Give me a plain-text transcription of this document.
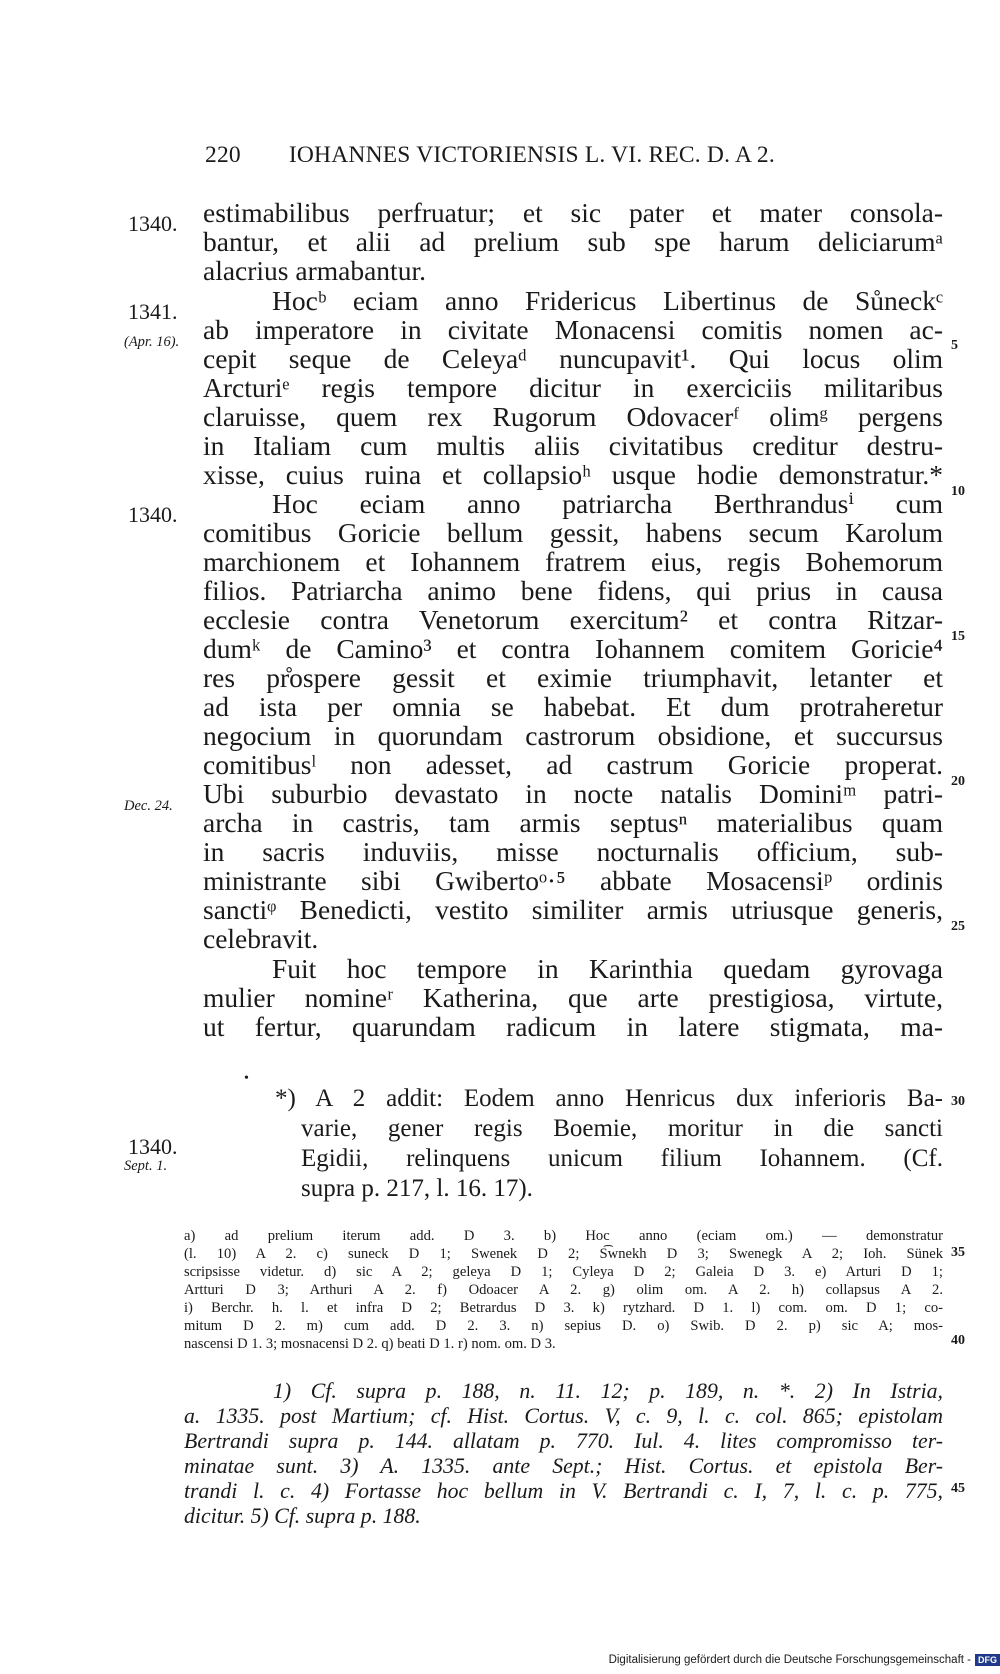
220 IOHANNES VICTORIENSIS L. VI. REC. D. A 2.
estimabilibus perfruatur; et sic pater et mater consola-
bantur, et alii ad prelium sub spe harum deliciarumᵃ
alacrius armabantur.
Hocᵇ eciam anno Fridericus Libertinus de Sůneckᶜ
ab imperatore in civitate Monacensi comitis nomen ac-
cepit seque de Celeyaᵈ nuncupavit¹. Qui locus olim
Arcturiᵉ regis tempore dicitur in exerciciis militaribus
claruisse, quem rex Rugorum Odovacerᶠ olimᵍ pergens
in Italiam cum multis aliis civitatibus creditur destru-
xisse, cuius ruina et collapsioʰ usque hodie demonstratur.*
Hoc eciam anno patriarcha Berthrandusⁱ cum
comitibus Goricie bellum gessit, habens secum Karolum
marchionem et Iohannem fratrem eius, regis Bohemorum
filios. Patriarcha animo bene fidens, qui prius in causa
ecclesie contra Venetorum exercitum² et contra Ritzar-
dumᵏ de Camino³ et contra Iohannem comitem Goricie⁴
res pr̊ospere gessit et eximie triumphavit, letanter et
ad ista per omnia se habebat. Et dum protraheretur
negocium in quorundam castrorum obsidione, et succursus
comitibusˡ non adesset, ad castrum Goricie properat.
Ubi suburbio devastato in nocte natalis Dominiᵐ patri-
archa in castris, tam armis septusⁿ materialibus quam
in sacris induviis, misse nocturnalis officium, sub-
ministrante sibi Gwibertoᵒ·⁵ abbate Mosacensiᵖ ordinis
sanctiᵠ Benedicti, vestito similiter armis utriusque generis,
celebravit.
Fuit hoc tempore in Karinthia quedam gyrovaga
mulier nomineʳ Katherina, que arte prestigiosa, virtute,
ut fertur, quarundam radicum in latere stigmata, ma-
1340.
1341.
(Apr. 16).
1340.
Dec. 24.
1340.
Sept. 1.
5
10
15
20
25
30
35
40
45
•
*) A 2 addit: Eodem anno Henricus dux inferioris Ba-
varie, gener regis Boemie, moritur in die sancti
Egidii, relinquens unicum filium Iohannem. (Cf.
supra p. 217, l. 16. 17).
a) ad prelium iterum add. D 3. b) Hoc anno (eciam om.) — demonstratur
(l. 10) A 2. c) suneck D 1; Swenek D 2; S͡wnekh D 3; Swenegk A 2; Ioh. Sünek
scripsisse videtur. d) sic A 2; geleya D 1; Cyleya D 2; Galeia D 3. e) Arturi D 1;
Artturi D 3; Arthuri A 2. f) Odoacer A 2. g) olim om. A 2. h) collapsus A 2.
i) Berchr. h. l. et infra D 2; Betrardus D 3. k) rytzhard. D 1. l) com. om. D 1; co-
mitum D 2. m) cum add. D 2. 3. n) sepius D. o) Swib. D 2. p) sic A; mos-
nascensi D 1. 3; mosnacensi D 2. q) beati D 1. r) nom. om. D 3.
1) Cf. supra p. 188, n. 11. 12; p. 189, n. *. 2) In Istria,
a. 1335. post Martium; cf. Hist. Cortus. V, c. 9, l. c. col. 865; epistolam
Bertrandi supra p. 144. allatam p. 770. Iul. 4. lites compromisso ter-
minatae sunt. 3) A. 1335. ante Sept.; Hist. Cortus. et epistola Ber-
trandi l. c. 4) Fortasse hoc bellum in V. Bertrandi c. I, 7, l. c. p. 775,
dicitur. 5) Cf. supra p. 188.
Digitalisierung gefördert durch die Deutsche Forschungsgemeinschaft - DFG
